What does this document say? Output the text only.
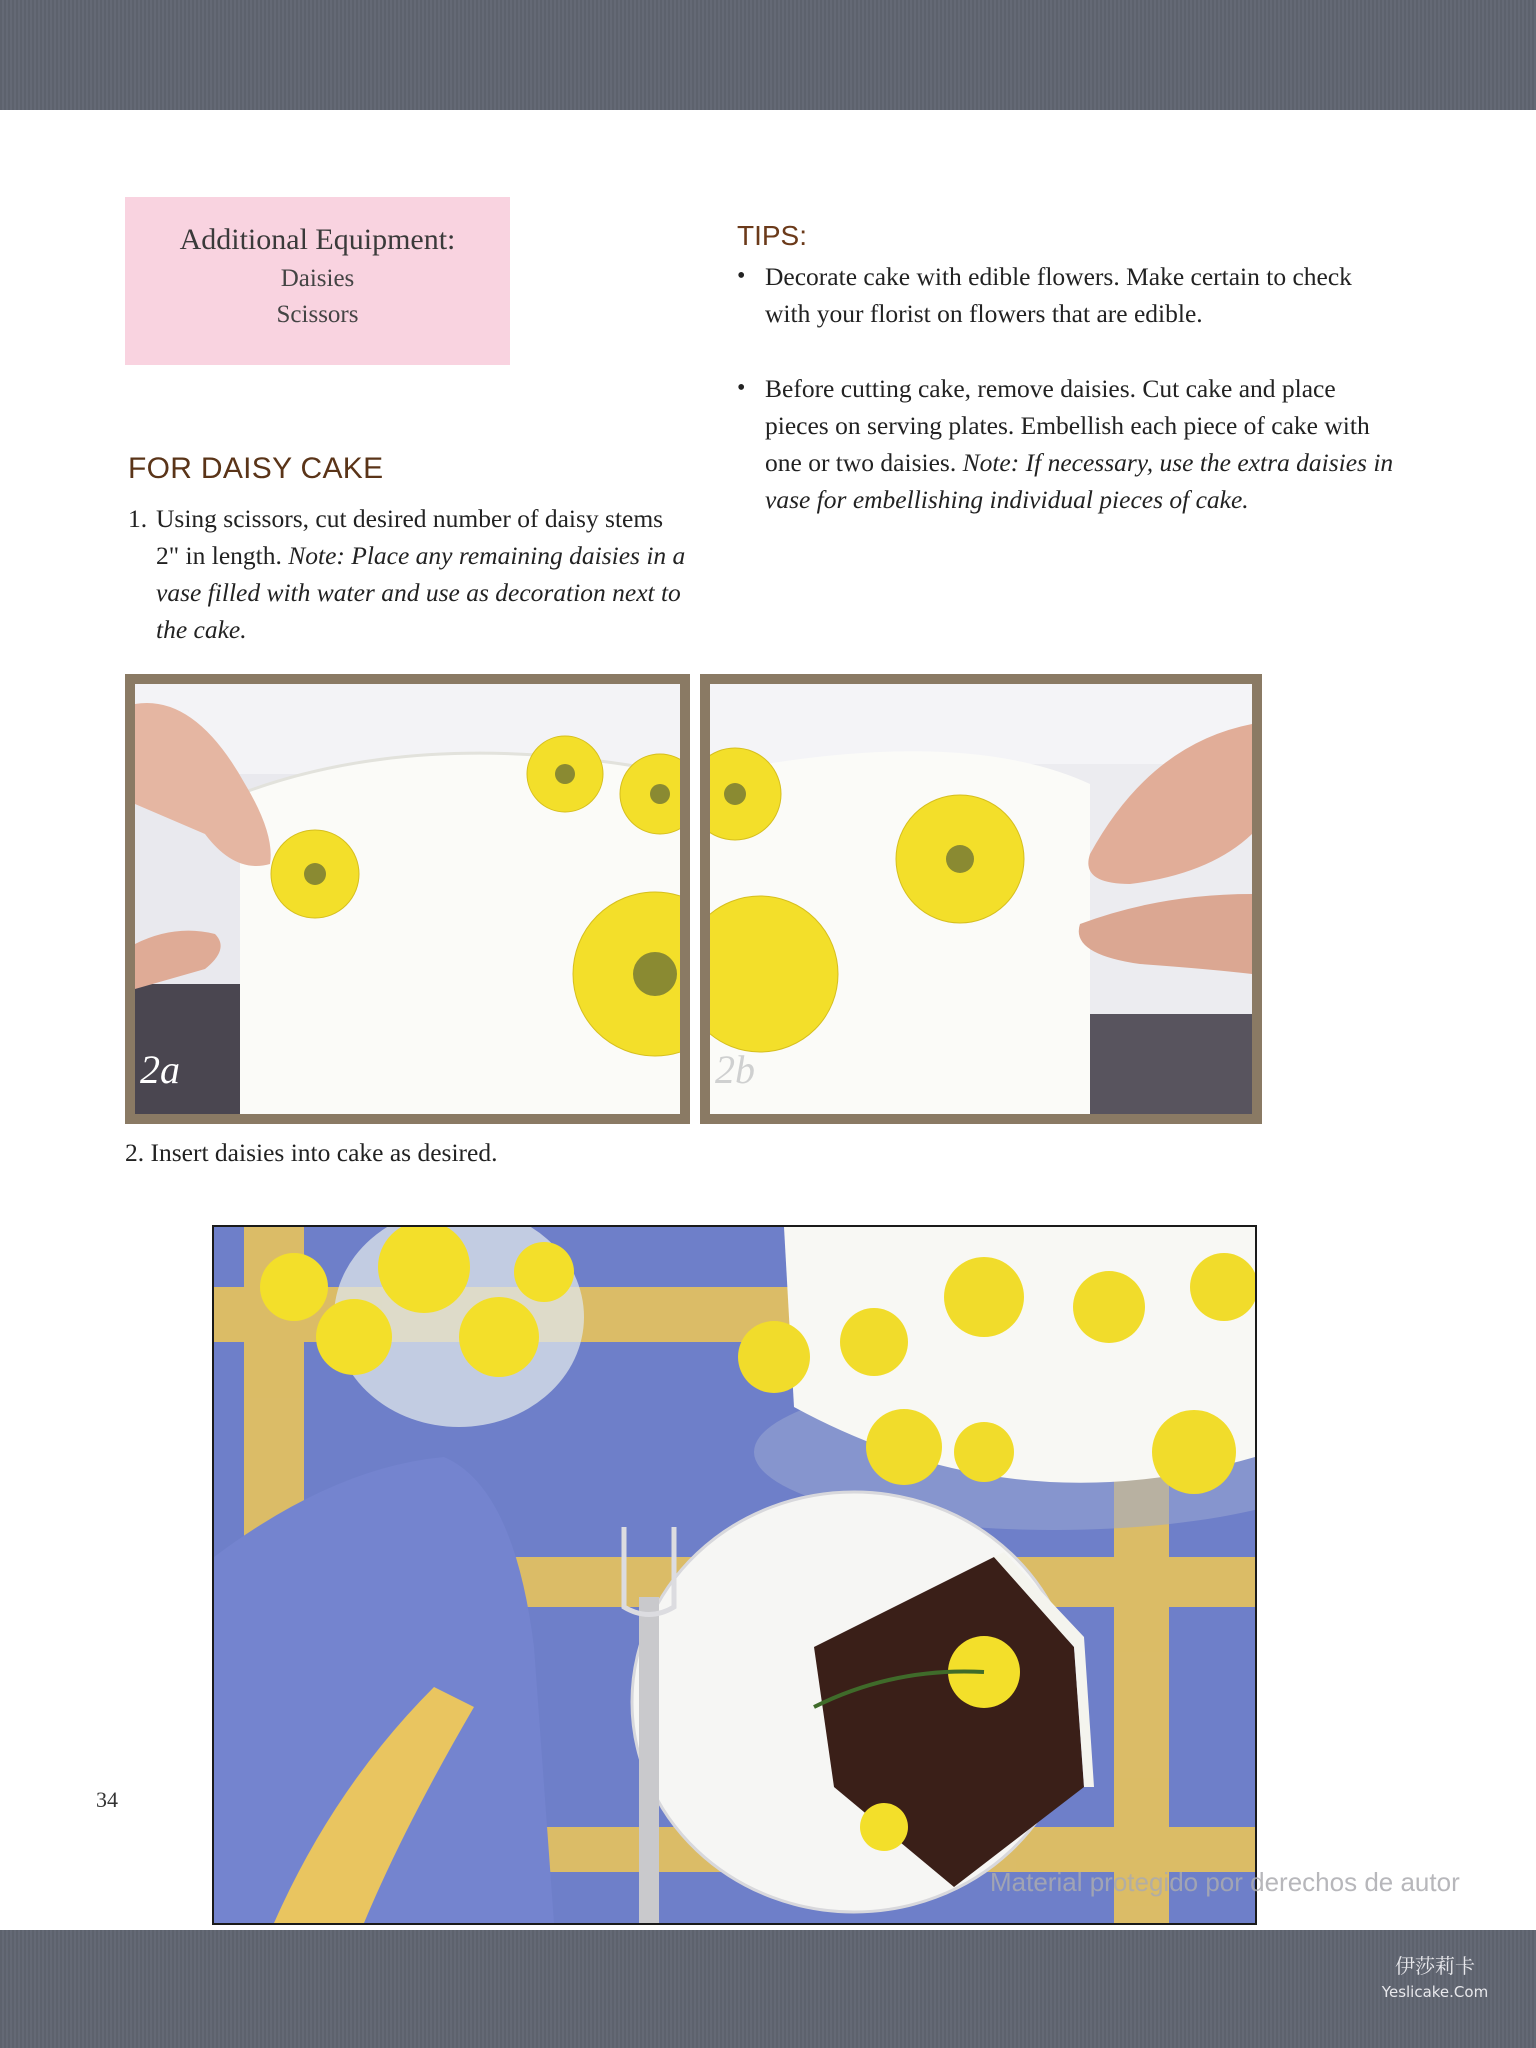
Additional Equipment:
Daisies
Scissors
TIPS:
• Decorate cake with edible flowers. Make certain to check with your florist on flowers that are edible.
• Before cutting cake, remove daisies. Cut cake and place pieces on serving plates. Embellish each piece of cake with one or two daisies. Note: If necessary, use the extra daisies in vase for embellishing individual pieces of cake.
FOR DAISY CAKE
1. Using scissors, cut desired number of daisy stems 2" in length. Note: Place any remaining daisies in a vase filled with water and use as decoration next to the cake.
2a	2b
2. Insert daisies into cake as desired.
34
Material protegido por derechos de autor
伊莎莉卡
Yeslicake.Com
